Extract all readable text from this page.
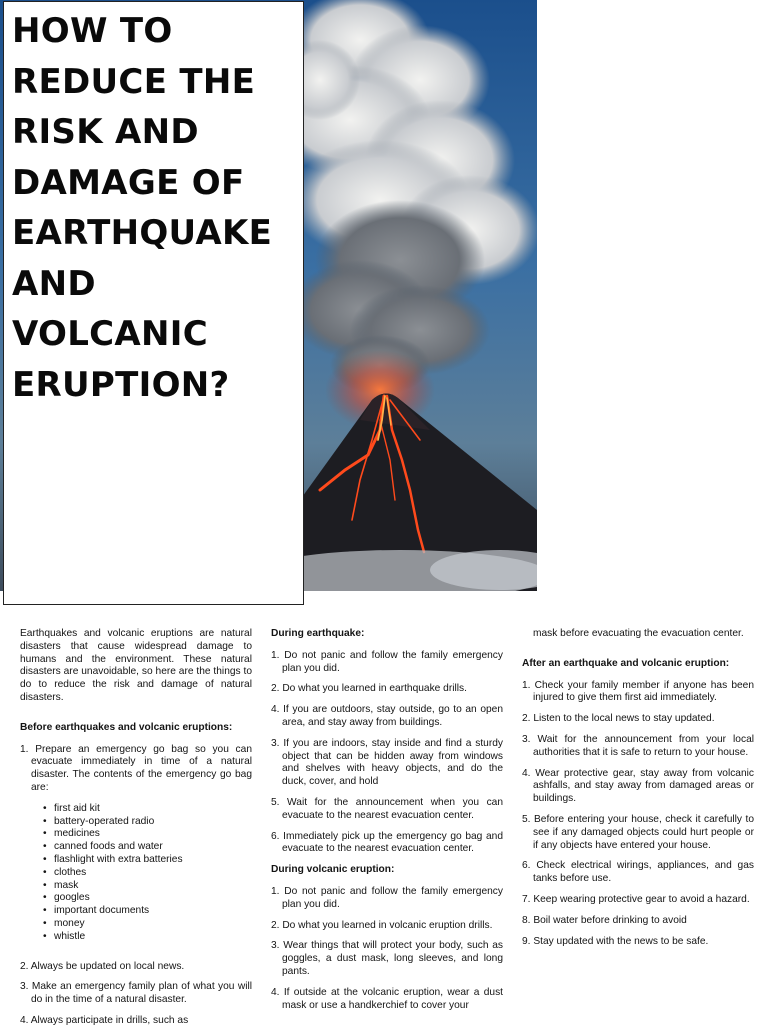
HOW TO
REDUCE THE
RISK AND
DAMAGE OF
EARTHQUAKE
AND
VOLCANIC
ERUPTION?

Earthquakes and volcanic eruptions are natural disasters that cause widespread damage to humans and the environment. These natural disasters are unavoidable, so here are the things to do to reduce the risk and damage of natural disasters.

Before earthquakes and volcanic eruptions:
1. Prepare an emergency go bag so you can evacuate immediately in time of a natural disaster. The contents of the emergency go bag are:
• first aid kit
• battery-operated radio
• medicines
• canned foods and water
• flashlight with extra batteries
• clothes
• mask
• googles
• important documents
• money
• whistle
2. Always be updated on local news.
3. Make an emergency family plan of what you will do in the time of a natural disaster.
4. Always participate in drills, such as
During earthquake:
1. Do not panic and follow the family emergency plan you did.
2. Do what you learned in earthquake drills.
4. If you are outdoors, stay outside, go to an open area, and stay away from buildings.
3. If you are indoors, stay inside and find a sturdy object that can be hidden away from windows and shelves with heavy objects, and do the duck, cover, and hold
5. Wait for the announcement when you can evacuate to the nearest evacuation center.
6. Immediately pick up the emergency go bag and evacuate to the nearest evacuation center.
During volcanic eruption:
1. Do not panic and follow the family emergency plan you did.
2. Do what you learned in volcanic eruption drills.
3. Wear things that will protect your body, such as goggles, a dust mask, long sleeves, and long pants.
4. If outside at the volcanic eruption, wear a dust mask or use a handkerchief to cover your

mask before evacuating the evacuation center.

After an earthquake and volcanic eruption:
1. Check your family member if anyone has been injured to give them first aid immediately.
2. Listen to the local news to stay updated.
3. Wait for the announcement from your local authorities that it is safe to return to your house.
4. Wear protective gear, stay away from volcanic ashfalls, and stay away from damaged areas or buildings.
5. Before entering your house, check it carefully to see if any damaged objects could hurt people or if any objects have entered your house.
6. Check electrical wirings, appliances, and gas tanks before use.
7. Keep wearing protective gear to avoid a hazard.
8. Boil water before drinking to avoid
9. Stay updated with the news to be safe.
